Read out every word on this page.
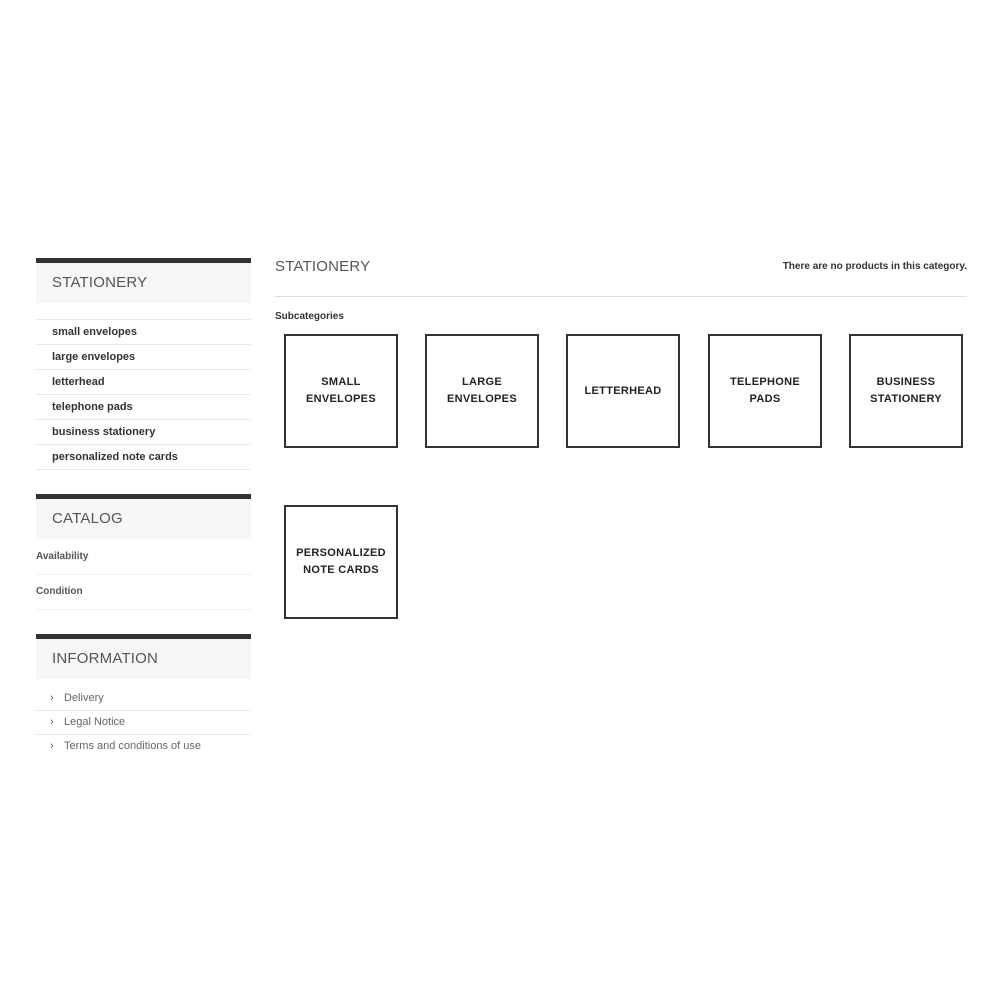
STATIONERY
small envelopes
large envelopes
letterhead
telephone pads
business stationery
personalized note cards
CATALOG
Availability
Condition
INFORMATION
› Delivery
› Legal Notice
› Terms and conditions of use
STATIONERY	There are no products in this category.
Subcategories
SMALL ENVELOPES
LARGE ENVELOPES
LETTERHEAD
TELEPHONE PADS
BUSINESS STATIONERY
PERSONALIZED NOTE CARDS
